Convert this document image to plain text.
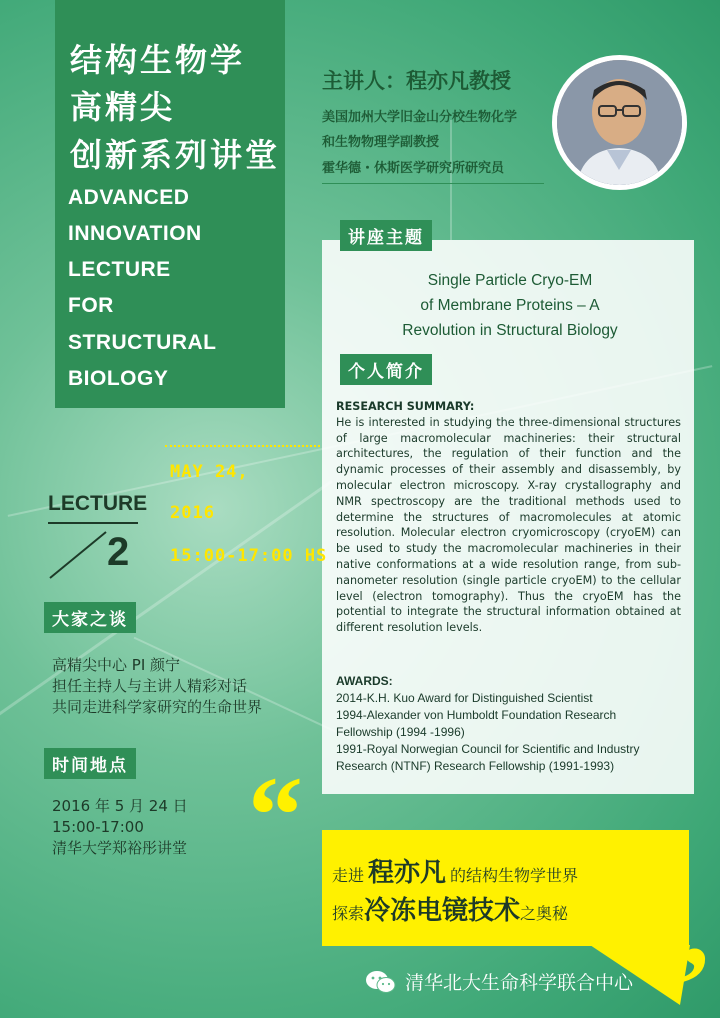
结构生物学
高精尖
创新系列讲堂
ADVANCED
INNOVATION
LECTURE
FOR
STRUCTURAL
BIOLOGY
主讲人：程亦凡教授
美国加州大学旧金山分校生物化学
和生物物理学副教授
霍华德・休斯医学研究所研究员
讲座主题
Single Particle Cryo-EM
of Membrane Proteins – A
Revolution in Structural Biology
个人简介
RESEARCH SUMMARY:
He is interested in studying the three-dimensional structures of large macromolecular machineries: their structural architectures, the regulation of their function and the dynamic processes of their assembly and disassembly, by molecular electron microscopy. X-ray crystallography and NMR spectroscopy are the traditional methods used to determine the structures of macromolecules at atomic resolution. Molecular electron cryomicroscopy (cryoEM) can be used to study the macromolecular machineries in their native conformations at a wide resolution range, from sub-nanometer resolution (single particle cryoEM) to the cellular level (electron tomography). Thus the cryoEM has the potential to integrate the structural information obtained at different resolution levels.
AWARDS:
2014-K.H. Kuo Award for Distinguished Scientist
1994-Alexander von Humboldt Foundation Research
Fellowship (1994 -1996)
1991-Royal Norwegian Council for Scientific and Industry
Research (NTNF) Research Fellowship (1991-1993)
MAY 24,
2016
15:00-17:00 HS
LECTURE
2
大家之谈
高精尖中心 PI 颜宁
担任主持人与主讲人精彩对话
共同走进科学家研究的生命世界
时间地点
2016 年 5 月 24 日
15:00-17:00
清华大学郑裕彤讲堂 “ 走进 程亦凡 的结构生物学世界
探索冷冻电镜技术之奥秘
”
清华北大生命科学联合中心
